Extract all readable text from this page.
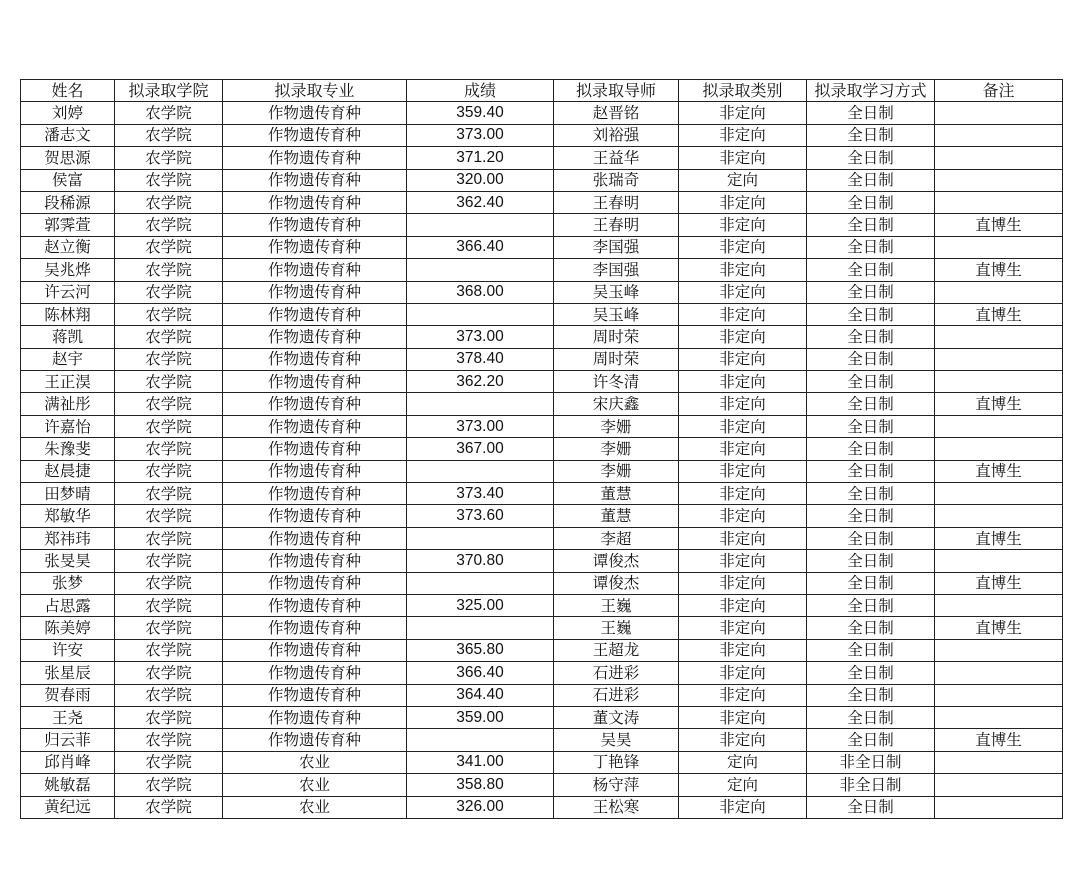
姓名	拟录取学院	拟录取专业	成绩	拟录取导师	拟录取类别	拟录取学习方式	备注
刘婷	农学院	作物遗传育种	359.40	赵晋铭	非定向	全日制	
潘志文	农学院	作物遗传育种	373.00	刘裕强	非定向	全日制	
贺思源	农学院	作物遗传育种	371.20	王益华	非定向	全日制	
侯富	农学院	作物遗传育种	320.00	张瑞奇	定向	全日制	
段稀源	农学院	作物遗传育种	362.40	王春明	非定向	全日制	
郭霁萱	农学院	作物遗传育种		王春明	非定向	全日制	直博生
赵立衡	农学院	作物遗传育种	366.40	李国强	非定向	全日制	
吴兆烨	农学院	作物遗传育种		李国强	非定向	全日制	直博生
许云河	农学院	作物遗传育种	368.00	吴玉峰	非定向	全日制	
陈林翔	农学院	作物遗传育种		吴玉峰	非定向	全日制	直博生
蒋凯	农学院	作物遗传育种	373.00	周时荣	非定向	全日制	
赵宇	农学院	作物遗传育种	378.40	周时荣	非定向	全日制	
王正淏	农学院	作物遗传育种	362.20	许冬清	非定向	全日制	
满祉彤	农学院	作物遗传育种		宋庆鑫	非定向	全日制	直博生
许嘉怡	农学院	作物遗传育种	373.00	李姗	非定向	全日制	
朱豫斐	农学院	作物遗传育种	367.00	李姗	非定向	全日制	
赵晨捷	农学院	作物遗传育种		李姗	非定向	全日制	直博生
田梦晴	农学院	作物遗传育种	373.40	董慧	非定向	全日制	
郑敏华	农学院	作物遗传育种	373.60	董慧	非定向	全日制	
郑祎玮	农学院	作物遗传育种		李超	非定向	全日制	直博生
张旻昊	农学院	作物遗传育种	370.80	谭俊杰	非定向	全日制	
张梦	农学院	作物遗传育种		谭俊杰	非定向	全日制	直博生
占思露	农学院	作物遗传育种	325.00	王巍	非定向	全日制	
陈美婷	农学院	作物遗传育种		王巍	非定向	全日制	直博生
许安	农学院	作物遗传育种	365.80	王超龙	非定向	全日制	
张星辰	农学院	作物遗传育种	366.40	石进彩	非定向	全日制	
贺春雨	农学院	作物遗传育种	364.40	石进彩	非定向	全日制	
王尧	农学院	作物遗传育种	359.00	董文涛	非定向	全日制	
归云菲	农学院	作物遗传育种		吴昊	非定向	全日制	直博生
邱肖峰	农学院	农业	341.00	丁艳锋	定向	非全日制	
姚敏磊	农学院	农业	358.80	杨守萍	定向	非全日制	
黄纪远	农学院	农业	326.00	王松寒	非定向	全日制	
